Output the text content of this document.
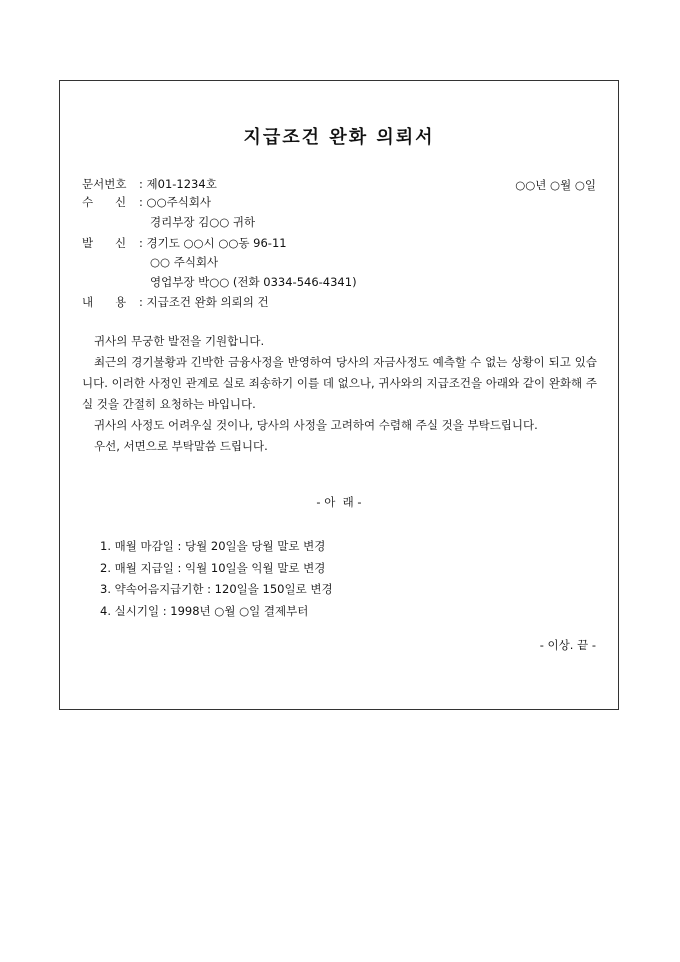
지급조건 완화 의뢰서
○○년 ○월 ○일
문서번호 : 제01-1234호
수      신 : ○○주식회사
경리부장 김○○ 귀하
발      신 : 경기도 ○○시 ○○동 96-11
○○ 주식회사
영업부장 박○○ (전화 0334-546-4341)
내      용 : 지급조건 완화 의뢰의 건

귀사의 무궁한 발전을 기원합니다.

최근의 경기불황과 긴박한 금융사정을 반영하여 당사의 자금사정도 예측할 수 없는 상황이 되고 있습니다. 이러한 사정인 관계로 실로 죄송하기 이를 데 없으나, 귀사와의 지급조건을 아래와 같이 완화해 주실 것을 간절히 요청하는 바입니다.

귀사의 사정도 어려우실 것이나, 당사의 사정을 고려하여 수렴해 주실 것을 부탁드립니다.

우선, 서면으로 부탁말씀 드립니다.

- 아  래 -
1. 매월 마감일 : 당월 20일을 당월 말로 변경
2. 매월 지급일 : 익월 10일을 익월 말로 변경
3. 약속어음지급기한 : 120일을 150일로 변경
4. 실시기일 : 1998년 ○월 ○일 결제부터
- 이상. 끝 -
